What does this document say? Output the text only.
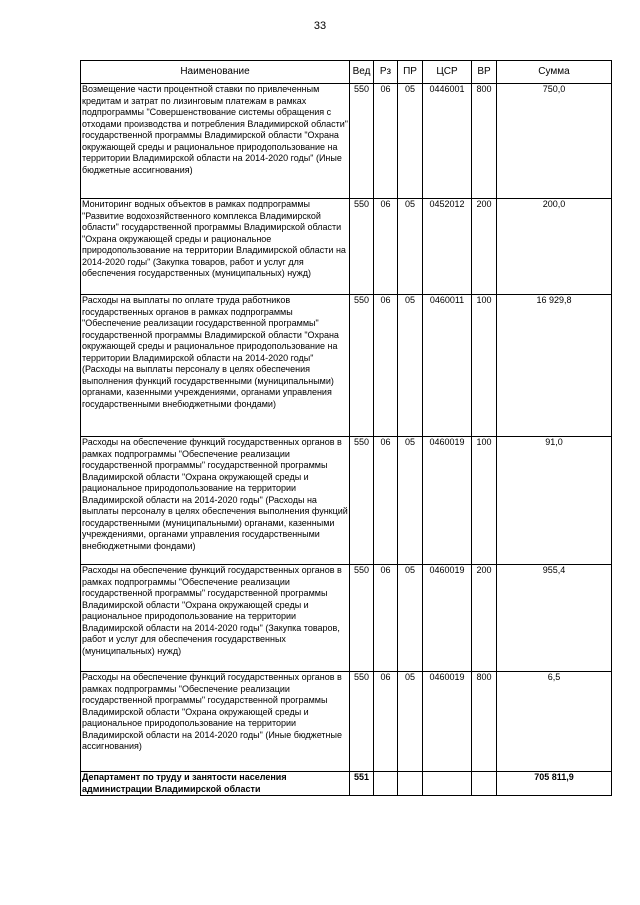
33
Наименование	Вед	Рз	ПР	ЦСР	ВР	Сумма
Возмещение части процентной ставки по привлеченным кредитам и затрат по лизинговым платежам в рамках подпрограммы "Совершенствование системы обращения с отходами производства и потребления Владимирской области" государственной программы Владимирской области "Охрана окружающей среды и рациональное природопользование на территории Владимирской области на 2014-2020 годы" (Иные бюджетные ассигнования)	550	06	05	0446001	800	750,0
Мониторинг водных объектов в рамках подпрограммы "Развитие водохозяйственного комплекса Владимирской области" государственной программы Владимирской области "Охрана окружающей среды и рациональное природопользование на территории Владимирской области на 2014-2020 годы" (Закупка товаров, работ и услуг для обеспечения государственных (муниципальных) нужд)	550	06	05	0452012	200	200,0
Расходы на выплаты по оплате труда работников государственных органов в рамках подпрограммы "Обеспечение реализации государственной программы" государственной программы Владимирской области "Охрана окружающей среды и рациональное природопользование на территории Владимирской области на 2014-2020 годы" (Расходы на выплаты персоналу в целях обеспечения выполнения функций государственными (муниципальными) органами, казенными учреждениями, органами управления государственными внебюджетными фондами)	550	06	05	0460011	100	16 929,8
Расходы на обеспечение функций государственных органов в рамках подпрограммы "Обеспечение реализации государственной программы" государственной программы Владимирской области "Охрана окружающей среды и рациональное природопользование на территории Владимирской области на 2014-2020 годы" (Расходы на выплаты персоналу в целях обеспечения выполнения функций государственными (муниципальными) органами, казенными учреждениями, органами управления государственными внебюджетными фондами)	550	06	05	0460019	100	91,0
Расходы на обеспечение функций государственных органов в рамках подпрограммы "Обеспечение реализации государственной программы" государственной программы Владимирской области "Охрана окружающей среды и рациональное природопользование на территории Владимирской области на 2014-2020 годы" (Закупка товаров, работ и услуг для обеспечения государственных (муниципальных) нужд)	550	06	05	0460019	200	955,4
Расходы на обеспечение функций государственных органов в рамках подпрограммы "Обеспечение реализации государственной программы" государственной программы Владимирской области "Охрана окружающей среды и рациональное природопользование на территории Владимирской области на 2014-2020 годы" (Иные бюджетные ассигнования)	550	06	05	0460019	800	6,5
Департамент по труду и занятости населения администрации Владимирской области	551					705 811,9
